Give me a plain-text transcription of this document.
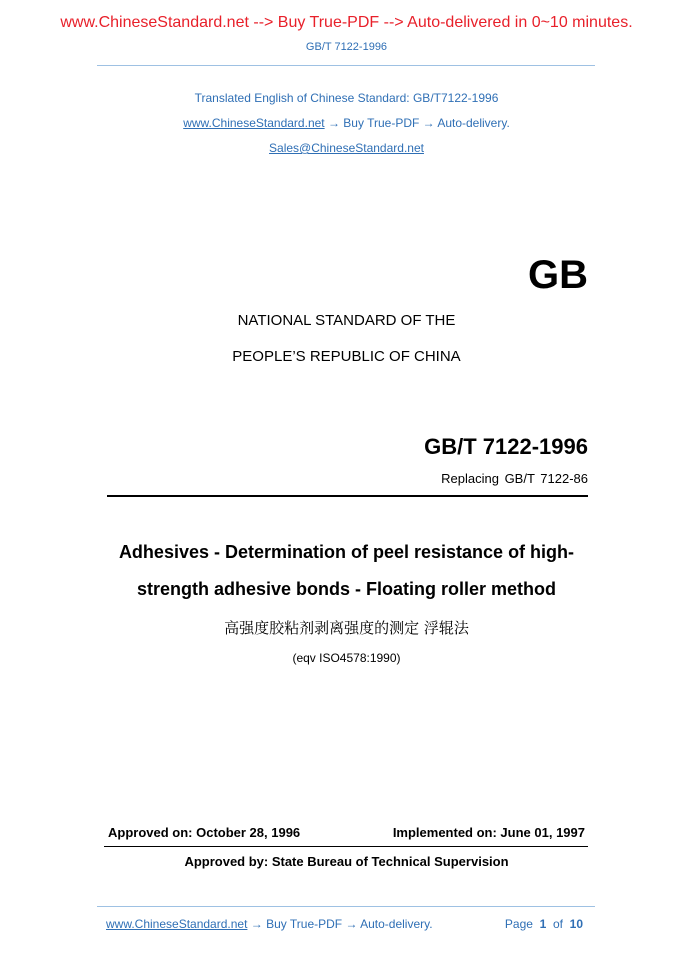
www.ChineseStandard.net --> Buy True-PDF --> Auto-delivered in 0~10 minutes.
GB/T 7122-1996
Translated English of Chinese Standard: GB/T7122-1996
www.ChineseStandard.net → Buy True-PDF → Auto-delivery.
Sales@ChineseStandard.net
GB
NATIONAL STANDARD OF THE
PEOPLE’S REPUBLIC OF CHINA
GB/T 7122-1996
Replacing GB/T 7122-86
Adhesives - Determination of peel resistance of high-
strength adhesive bonds - Floating roller method
高强度胶粘剂剥离强度的测定 浮辊法
(eqv ISO4578:1990)
Approved on: October 28, 1996	Implemented on: June 01, 1997
Approved by: State Bureau of Technical Supervision
www.ChineseStandard.net → Buy True-PDF → Auto-delivery.	Page 1 of 10
